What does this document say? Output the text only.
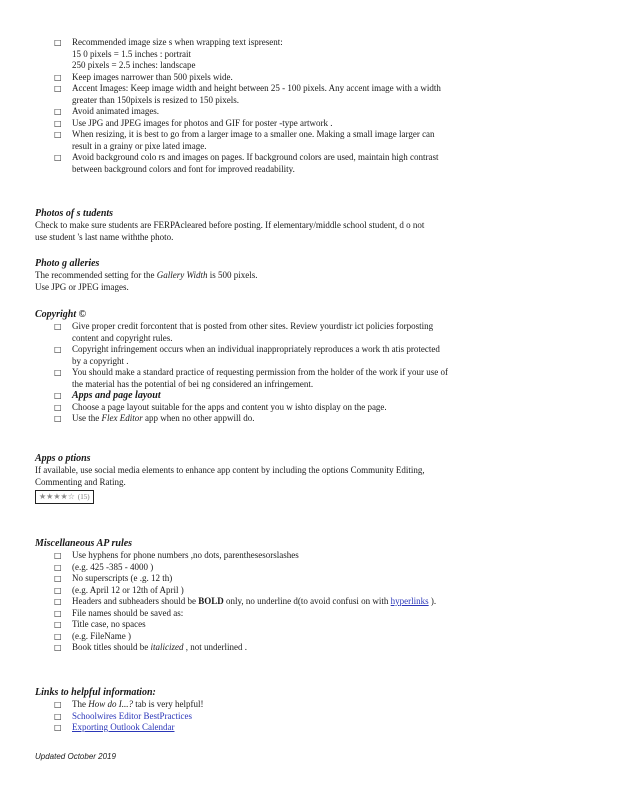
□ Recommended image size s when wrapping text ispresent:
15 0 pixels = 1.5 inches : portrait
250 pixels = 2.5 inches: landscape
□ Keep images narrower than 500 pixels wide.
□ Accent Images: Keep image width and height between 25 - 100 pixels. Any accent image with a width
greater than 150pixels is resized to 150 pixels.
□ Avoid animated images.
□ Use JPG and JPEG images for photos and GIF for poster -type artwork .
□ When resizing, it is best to go from a larger image to a smaller one. Making a small image larger can
result in a grainy or pixe lated image.
□ Avoid background colo rs and images on pages. If background colors are used, maintain high contrast
between background colors and font for improved readability.
Photos of s tudents

Check to make sure students are FERPAcleared before posting. If elementary/middle school student, d o not

use student 's last name withthe photo.

Photo g alleries

The recommended setting for the Gallery Width is 500 pixels.

Use JPG or JPEG images.

Copyright ©
□ Give proper credit forcontent that is posted from other sites. Review yourdistr ict policies forposting
content and copyright rules.
□ Copyright infringement occurs when an individual inappropriately reproduces a work th atis protected
by a copyright .
□ You should make a standard practice of requesting permission from the holder of the work if your use of
the material has the potential of bei ng considered an infringement.
□ Apps and page layout
□ Choose a page layout suitable for the apps and content you w ishto display on the page.
□ Use the Flex Editor app when no other appwill do.
Apps o ptions

If available, use social media elements to enhance app content by including the options Community Editing,

Commenting and Rating.

★★★★☆ (15)
Miscellaneous AP rules
□ Use hyphens for phone numbers ,no dots, parenthesesorslashes
□ (e.g. 425 -385 - 4000 )
□ No superscripts (e .g. 12 th)
□ (e.g. April 12 or 12th of April )
□ Headers and subheaders should be BOLD only, no underline d(to avoid confusi on with hyperlinks ).
□ File names should be saved as:
□ Title case, no spaces
□ (e.g. FileName )
□ Book titles should be italicized , not underlined .
Links to helpful information:
□ The How do I...? tab is very helpful!
□ Schoolwires Editor BestPractices
□ Exporting Outlook Calendar
Updated October 2019
